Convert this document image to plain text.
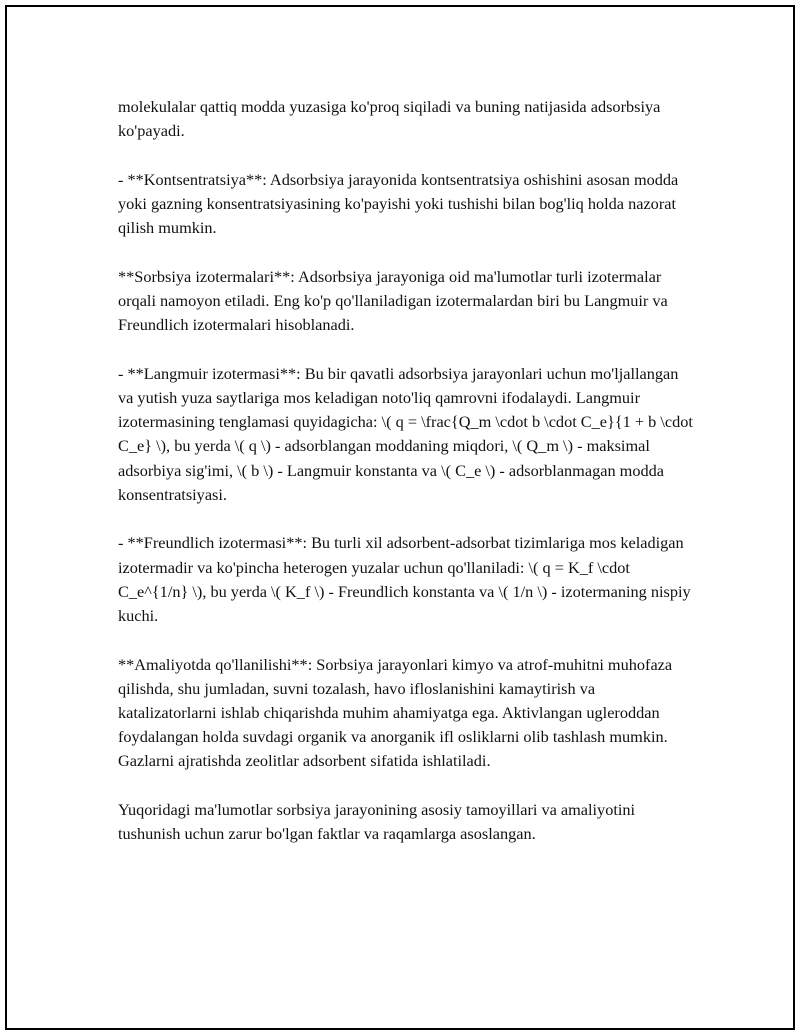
molekulalar qattiq modda yuzasiga ko'proq siqiladi va buning natijasida adsorbsiya ko'payadi.

- **Kontsentratsiya**: Adsorbsiya jarayonida kontsentratsiya oshishini asosan modda yoki gazning konsentratsiyasining ko'payishi yoki tushishi bilan bog'liq holda nazorat qilish mumkin.

**Sorbsiya izotermalari**: Adsorbsiya jarayoniga oid ma'lumotlar turli izotermalar orqali namoyon etiladi. Eng ko'p qo'llaniladigan izotermalardan biri bu Langmuir va Freundlich izotermalari hisoblanadi.

- **Langmuir izotermasi**: Bu bir qavatli adsorbsiya jarayonlari uchun mo'ljallangan va yutish yuza saytlariga mos keladigan noto'liq qamrovni ifodalaydi. Langmuir izotermasining tenglamasi quyidagicha: \( q = \frac{Q_m \cdot b \cdot C_e}{1 + b \cdot C_e} \), bu yerda \( q \) - adsorblangan moddaning miqdori, \( Q_m \) - maksimal adsorbiya sig'imi, \( b \) - Langmuir konstanta va \( C_e \) - adsorblanmagan modda konsentratsiyasi.

- **Freundlich izotermasi**: Bu turli xil adsorbent-adsorbat tizimlariga mos keladigan izotermadir va ko'pincha heterogen yuzalar uchun qo'llaniladi: \( q = K_f \cdot C_e^{1/n} \), bu yerda \( K_f \) - Freundlich konstanta va \( 1/n \) - izotermaning nispiy kuchi.

**Amaliyotda qo'llanilishi**: Sorbsiya jarayonlari kimyo va atrof-muhitni muhofaza qilishda, shu jumladan, suvni tozalash, havo ifloslanishini kamaytirish va katalizatorlarni ishlab chiqarishda muhim ahamiyatga ega. Aktivlangan ugleroddan foydalangan holda suvdagi organik va anorganik ifl osliklarni olib tashlash mumkin. Gazlarni ajratishda zeolitlar adsorbent sifatida ishlatiladi.

Yuqoridagi ma'lumotlar sorbsiya jarayonining asosiy tamoyillari va amaliyotini tushunish uchun zarur bo'lgan faktlar va raqamlarga asoslangan.
